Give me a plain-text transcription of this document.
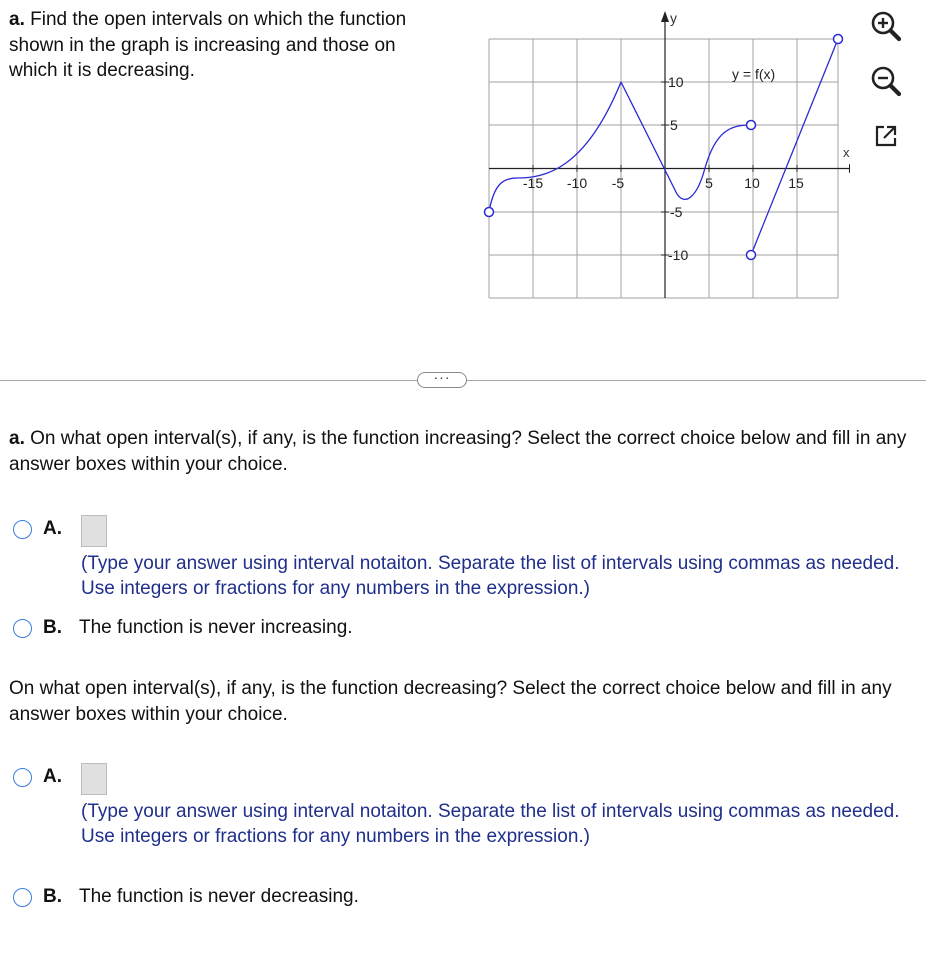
a. Find the open intervals on which the function shown in the graph is increasing and those on which it is decreasing.
y
x
-15 -10 -5	5 10 15
10
5
-5
-10
y = f(x)
···
a. On what open interval(s), if any, is the function increasing? Select the correct choice below and fill in any answer boxes within your choice.
A.
(Type your answer using interval notaiton. Separate the list of intervals using commas as needed. Use integers or fractions for any numbers in the expression.)
B. The function is never increasing.
On what open interval(s), if any, is the function decreasing? Select the correct choice below and fill in any answer boxes within your choice.
A.
(Type your answer using interval notaiton. Separate the list of intervals using commas as needed. Use integers or fractions for any numbers in the expression.)
B. The function is never decreasing.
